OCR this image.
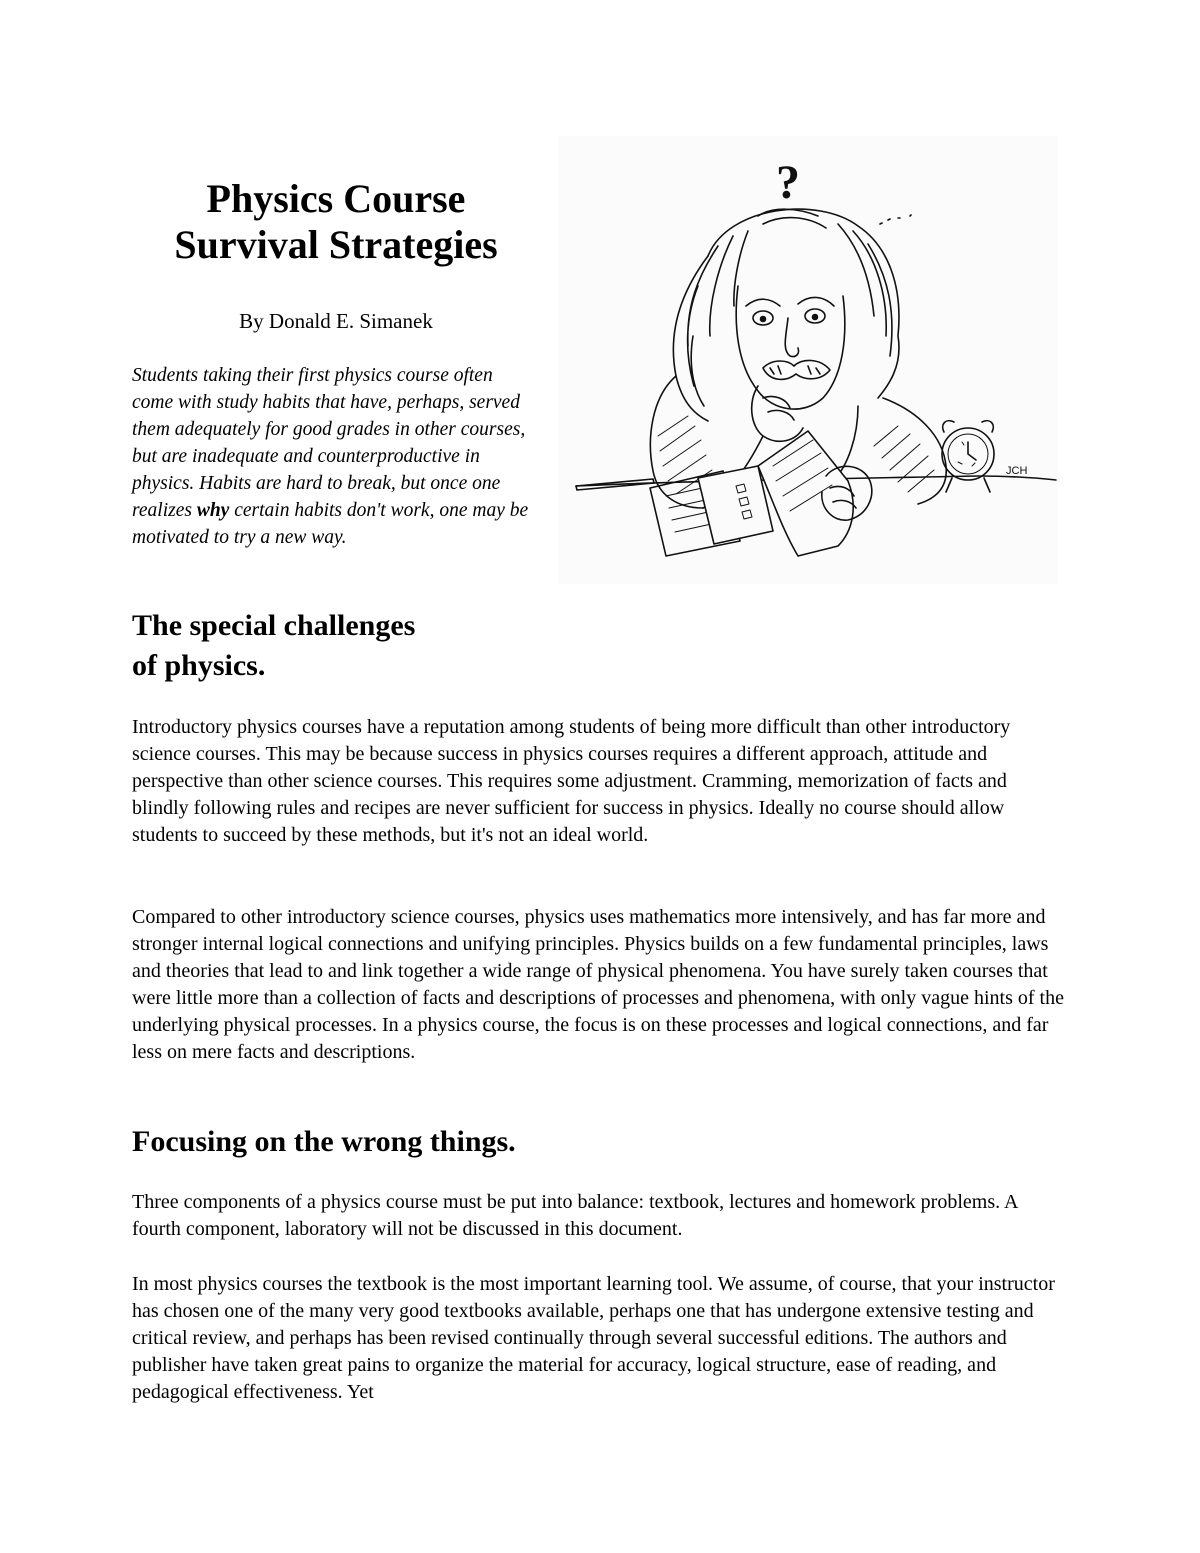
Physics Course
Survival Strategies

By Donald E. Simanek

Students taking their first physics course often come with study habits that have, perhaps, served them adequately for good grades in other courses, but are inadequate and counterproductive in physics. Habits are hard to break, but once one realizes why certain habits don't work, one may be motivated to try a new way.

?
JCH
The special challenges
of physics.

Introductory physics courses have a reputation among students of being more difficult than other introductory science courses. This may be because success in physics courses requires a different approach, attitude and perspective than other science courses. This requires some adjustment. Cramming, memorization of facts and blindly following rules and recipes are never sufficient for success in physics. Ideally no course should allow students to succeed by these methods, but it's not an ideal world.

Compared to other introductory science courses, physics uses mathematics more intensively, and has far more and stronger internal logical connections and unifying principles. Physics builds on a few fundamental principles, laws and theories that lead to and link together a wide range of physical phenomena. You have surely taken courses that were little more than a collection of facts and descriptions of processes and phenomena, with only vague hints of the underlying physical processes. In a physics course, the focus is on these processes and logical connections, and far less on mere facts and descriptions.

Focusing on the wrong things.

Three components of a physics course must be put into balance: textbook, lectures and homework problems. A fourth component, laboratory will not be discussed in this document.

In most physics courses the textbook is the most important learning tool. We assume, of course, that your instructor has chosen one of the many very good textbooks available, perhaps one that has undergone extensive testing and critical review, and perhaps has been revised continually through several successful editions. The authors and publisher have taken great pains to organize the material for accuracy, logical structure, ease of reading, and pedagogical effectiveness. Yet
